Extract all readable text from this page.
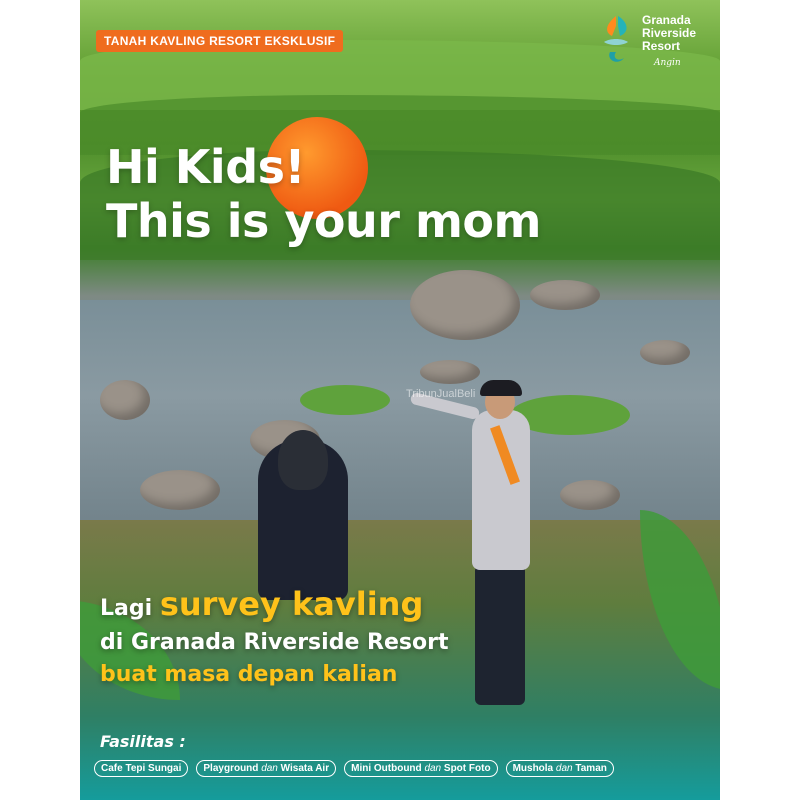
TribunJualBeli
TANAH KAVLING RESORT EKSKLUSIF
Granada
Riverside
Resort
Angin
Hi Kids!
This is your mom
Lagi survey kavling
di Granada Riverside Resort
buat masa depan kalian
Fasilitas :
Cafe Tepi Sungai	Playground dan Wisata Air	Mini Outbound dan Spot Foto	Mushola dan Taman
